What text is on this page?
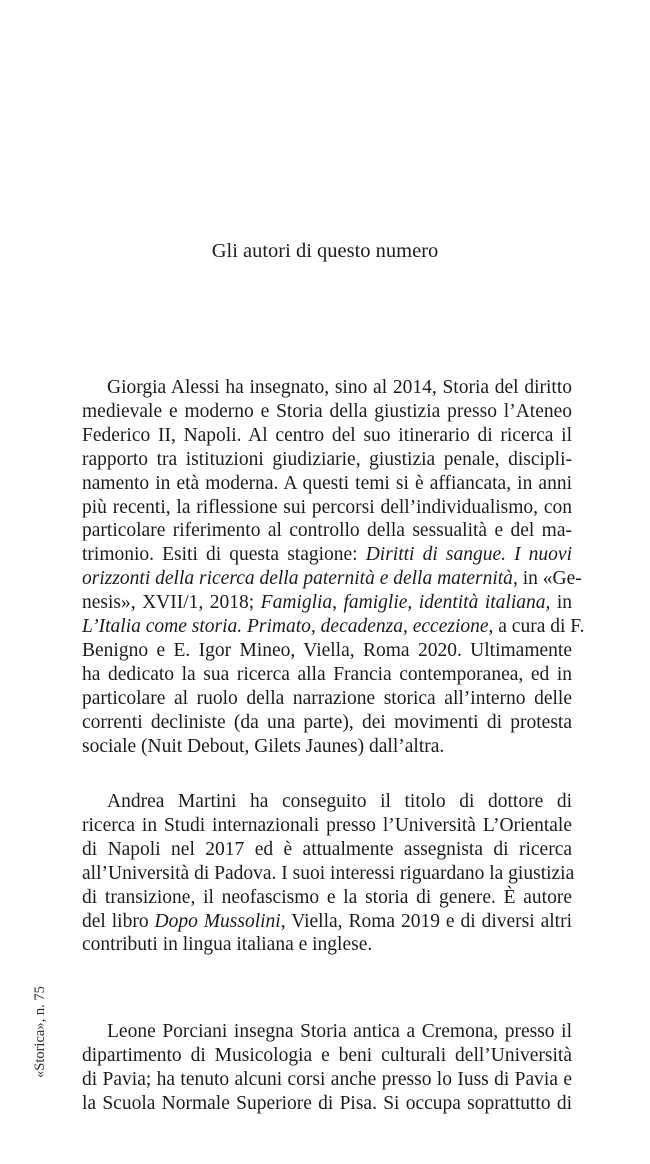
Gli autori di questo numero
Giorgia Alessi ha insegnato, sino al 2014, Storia del diritto
medievale e moderno e Storia della giustizia presso l’Ateneo
Federico II, Napoli. Al centro del suo itinerario di ricerca il
rapporto tra istituzioni giudiziarie, giustizia penale, discipli-
namento in età moderna. A questi temi si è affiancata, in anni
più recenti, la riflessione sui percorsi dell’individualismo, con
particolare riferimento al controllo della sessualità e del ma-
trimonio. Esiti di questa stagione: Diritti di sangue. I nuovi
orizzonti della ricerca della paternità e della maternità, in «Ge-
nesis», XVII/1, 2018; Famiglia, famiglie, identità italiana, in
L’Italia come storia. Primato, decadenza, eccezione, a cura di F.
Benigno e E. Igor Mineo, Viella, Roma 2020. Ultimamente
ha dedicato la sua ricerca alla Francia contemporanea, ed in
particolare al ruolo della narrazione storica all’interno delle
correnti decliniste (da una parte), dei movimenti di protesta
sociale (Nuit Debout, Gilets Jaunes) dall’altra.
Andrea Martini ha conseguito il titolo di dottore di
ricerca in Studi internazionali presso l’Università L’Orientale
di Napoli nel 2017 ed è attualmente assegnista di ricerca
all’Università di Padova. I suoi interessi riguardano la giustizia
di transizione, il neofascismo e la storia di genere. È autore
del libro Dopo Mussolini, Viella, Roma 2019 e di diversi altri
contributi in lingua italiana e inglese.
Leone Porciani insegna Storia antica a Cremona, presso il
dipartimento di Musicologia e beni culturali dell’Università
di Pavia; ha tenuto alcuni corsi anche presso lo Iuss di Pavia e
la Scuola Normale Superiore di Pisa. Si occupa soprattutto di
«Storica», n. 75
